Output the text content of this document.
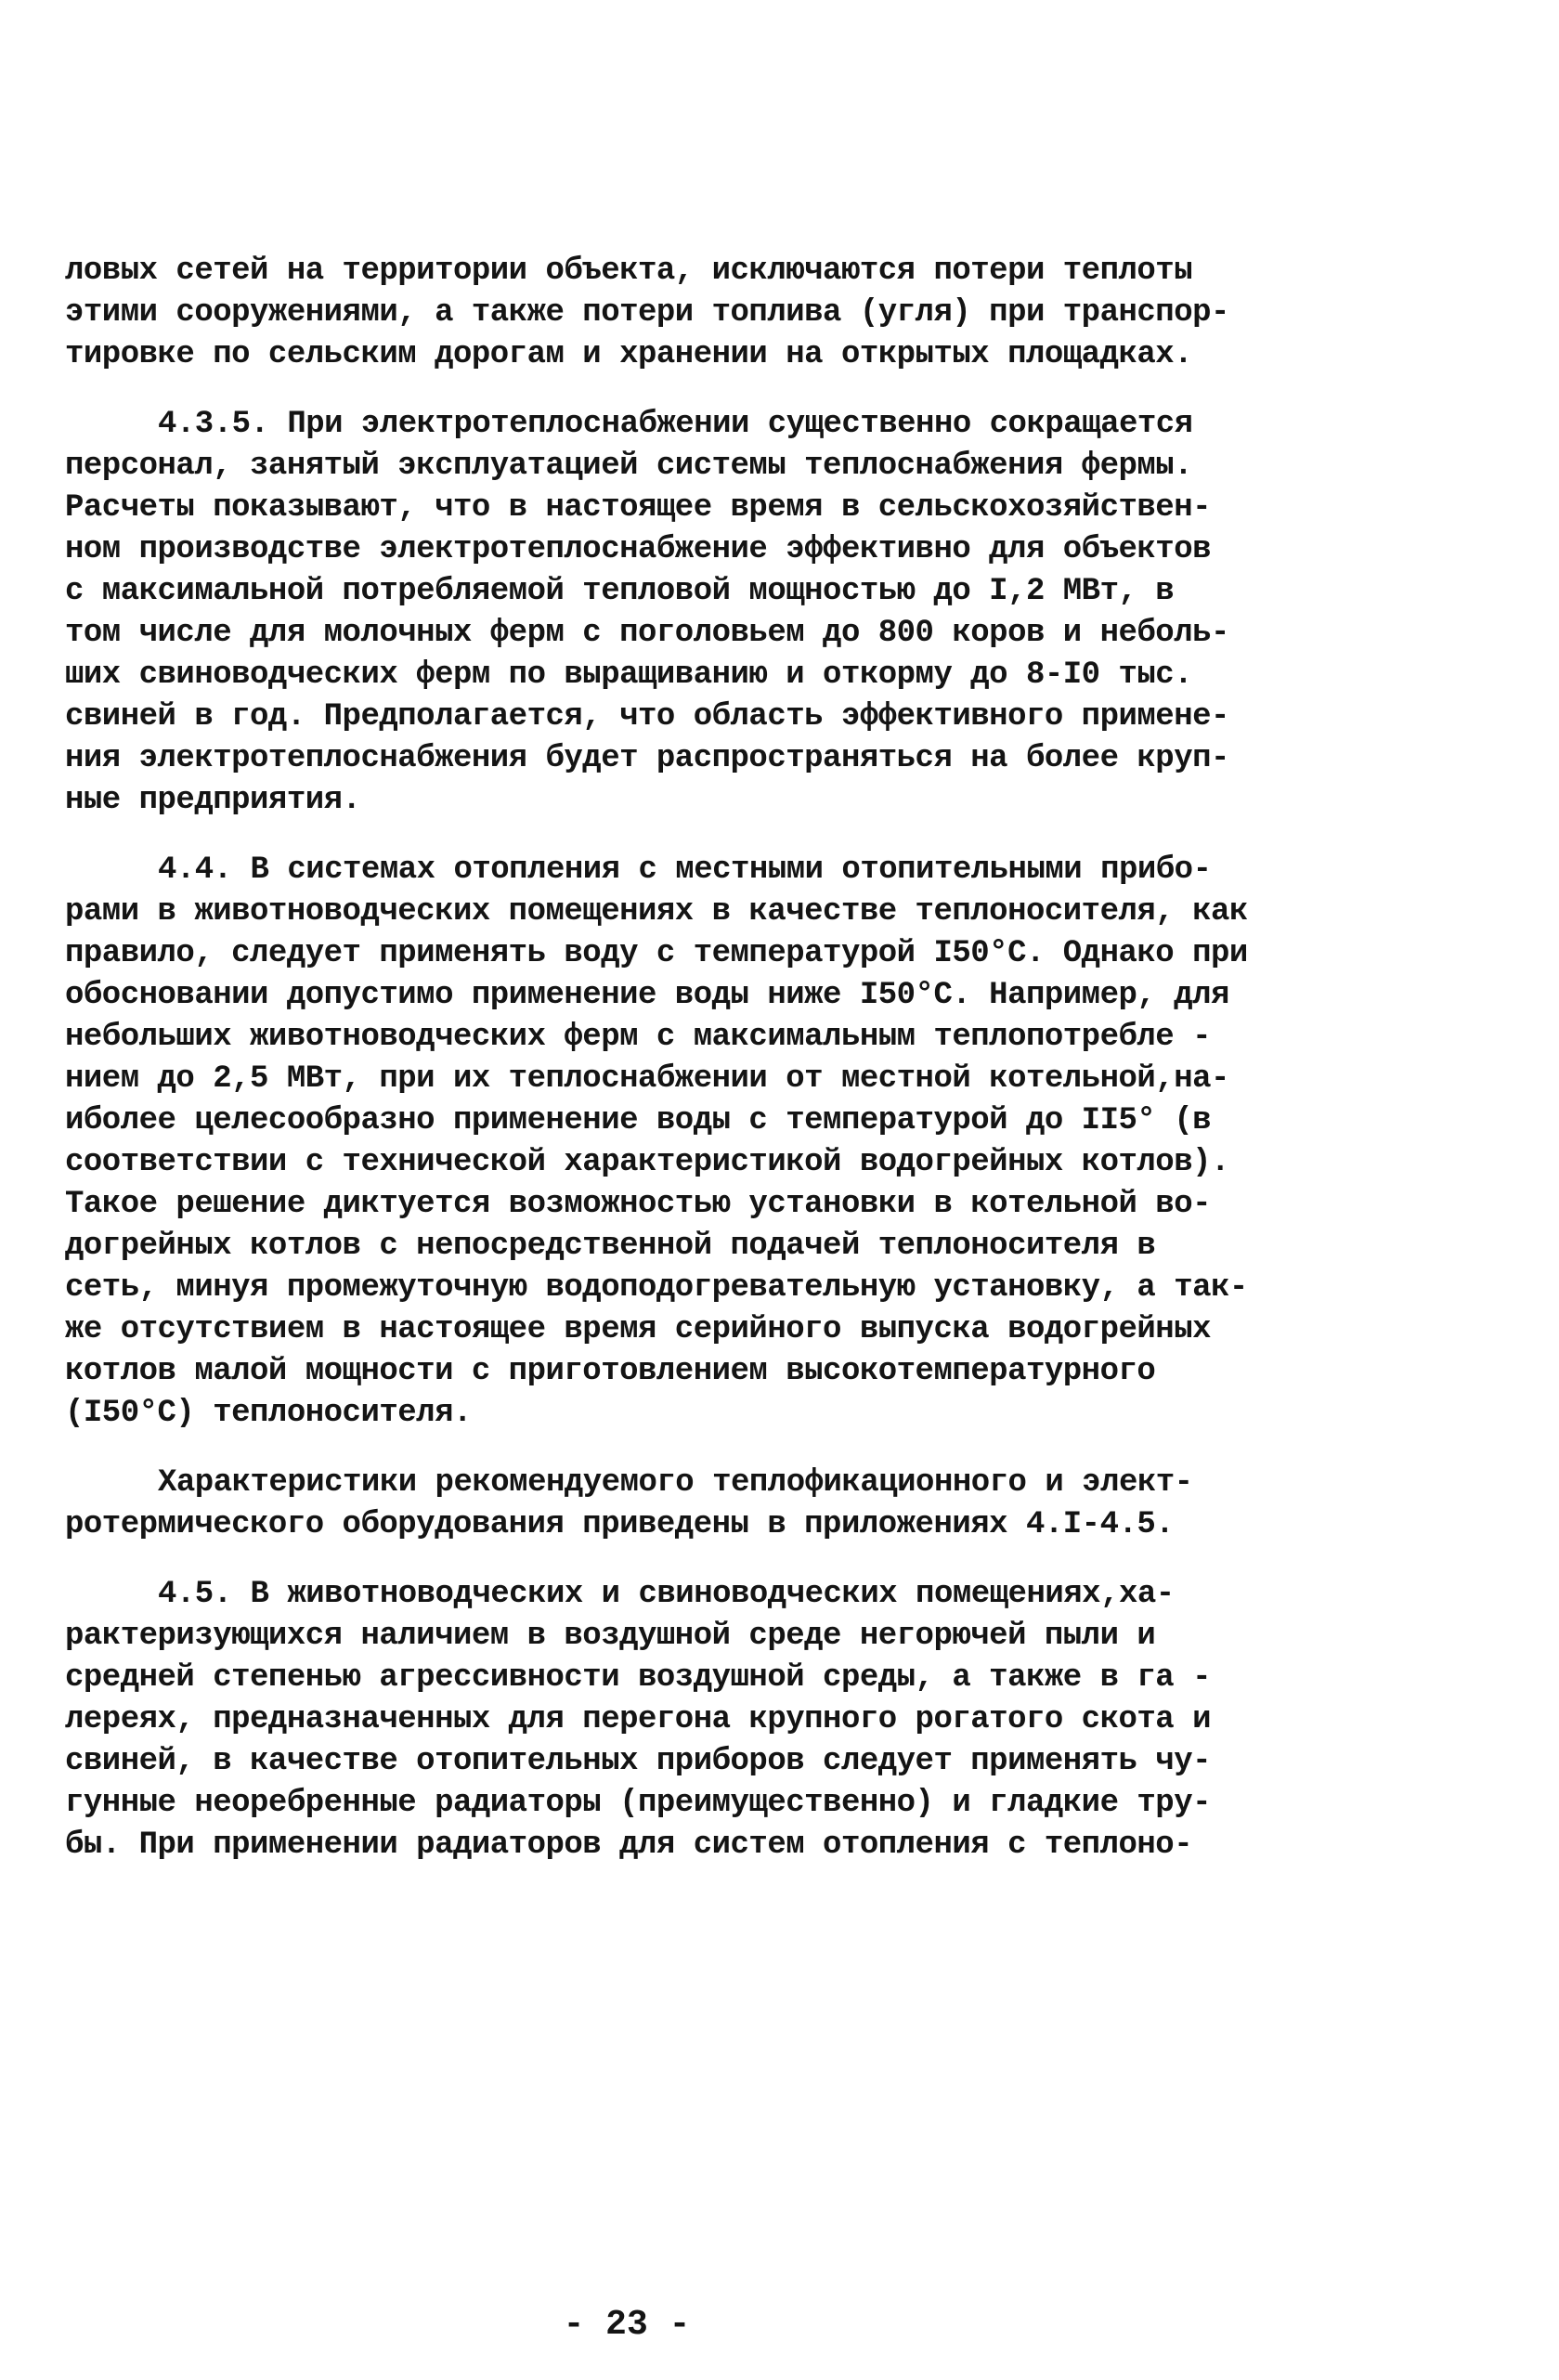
ловых сетей на территории объекта, исключаются потери теплоты
этими сооружениями, а также потери топлива (угля) при транспор-
тировке по сельским дорогам и хранении на открытых площадках.
4.3.5. При электротеплоснабжении существенно сокращается
персонал, занятый эксплуатацией системы теплоснабжения фермы.
Расчеты показывают, что в настоящее время в сельскохозяйствен-
ном производстве электротеплоснабжение эффективно для объектов
с максимальной потребляемой тепловой мощностью до I,2 МВт, в
том числе для молочных ферм с поголовьем до 800 коров и неболь-
ших свиноводческих ферм по выращиванию и откорму до 8-I0 тыс.
свиней в год. Предполагается, что область эффективного примене-
ния электротеплоснабжения будет распространяться на более круп-
ные предприятия.
4.4. В системах отопления с местными отопительными прибо-
рами в животноводческих помещениях в качестве теплоносителя, как
правило, следует применять воду с температурой I50°С. Однако при
обосновании допустимо применение воды ниже I50°С. Например, для
небольших животноводческих ферм с максимальным теплопотребле -
нием до 2,5 МВт, при их теплоснабжении от местной котельной,на-
иболее целесообразно применение воды с температурой до II5° (в
соответствии с технической характеристикой водогрейных котлов).
Такое решение диктуется возможностью установки в котельной во-
догрейных котлов с непосредственной подачей теплоносителя в
сеть, минуя промежуточную водоподогревательную установку, а так-
же отсутствием в настоящее время серийного выпуска водогрейных
котлов малой мощности с приготовлением высокотемпературного
(I50°С) теплоносителя.
Характеристики рекомендуемого теплофикационного и элект-
ротермического оборудования приведены в приложениях 4.I-4.5.
4.5. В животноводческих и свиноводческих помещениях,ха-
рактеризующихся наличием в воздушной среде негорючей пыли и
средней степенью агрессивности воздушной среды, а также в га -
лереях, предназначенных для перегона крупного рогатого скота и
свиней, в качестве отопительных приборов следует применять чу-
гунные неоребренные радиаторы (преимущественно) и гладкие тру-
бы. При применении радиаторов для систем отопления с теплоно-
- 23 -
